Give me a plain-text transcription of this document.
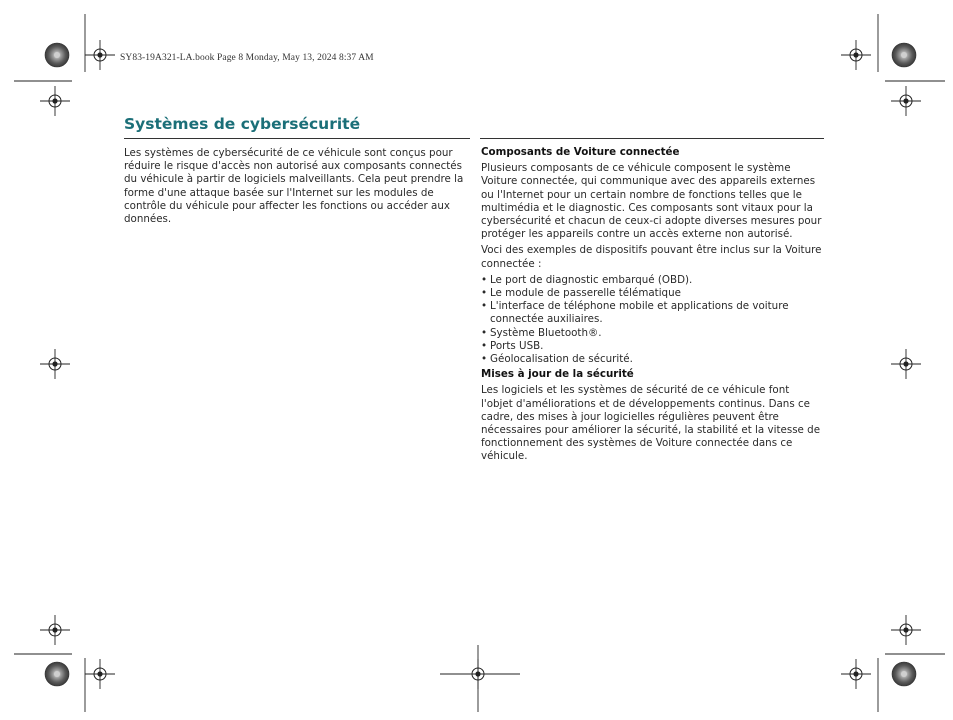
SY83-19A321-LA.book Page 8 Monday, May 13, 2024 8:37 AM
Systèmes de cybersécurité

Les systèmes de cybersécurité de ce véhicule sont conçus pour réduire le risque d'accès non autorisé aux composants connectés du véhicule à partir de logiciels malveillants. Cela peut prendre la forme d'une attaque basée sur l'Internet sur les modules de contrôle du véhicule pour affecter les fonctions ou accéder aux données.

Composants de Voiture connectée

Plusieurs composants de ce véhicule composent le système Voiture connectée, qui communique avec des appareils externes ou l'Internet pour un certain nombre de fonctions telles que le multimédia et le diagnostic. Ces composants sont vitaux pour la cybersécurité et chacun de ceux-ci adopte diverses mesures pour protéger les appareils contre un accès externe non autorisé.

Voci des exemples de dispositifs pouvant être inclus sur la Voiture connectée :

• Le port de diagnostic embarqué (OBD).
• Le module de passerelle télématique
• L'interface de téléphone mobile et applications de voiture connectée auxiliaires.
• Système Bluetooth®.
• Ports USB.
• Géolocalisation de sécurité.
Mises à jour de la sécurité

Les logiciels et les systèmes de sécurité de ce véhicule font l'objet d'améliorations et de développements continus. Dans ce cadre, des mises à jour logicielles régulières peuvent être nécessaires pour améliorer la sécurité, la stabilité et la vitesse de fonctionnement des systèmes de Voiture connectée dans ce véhicule.
